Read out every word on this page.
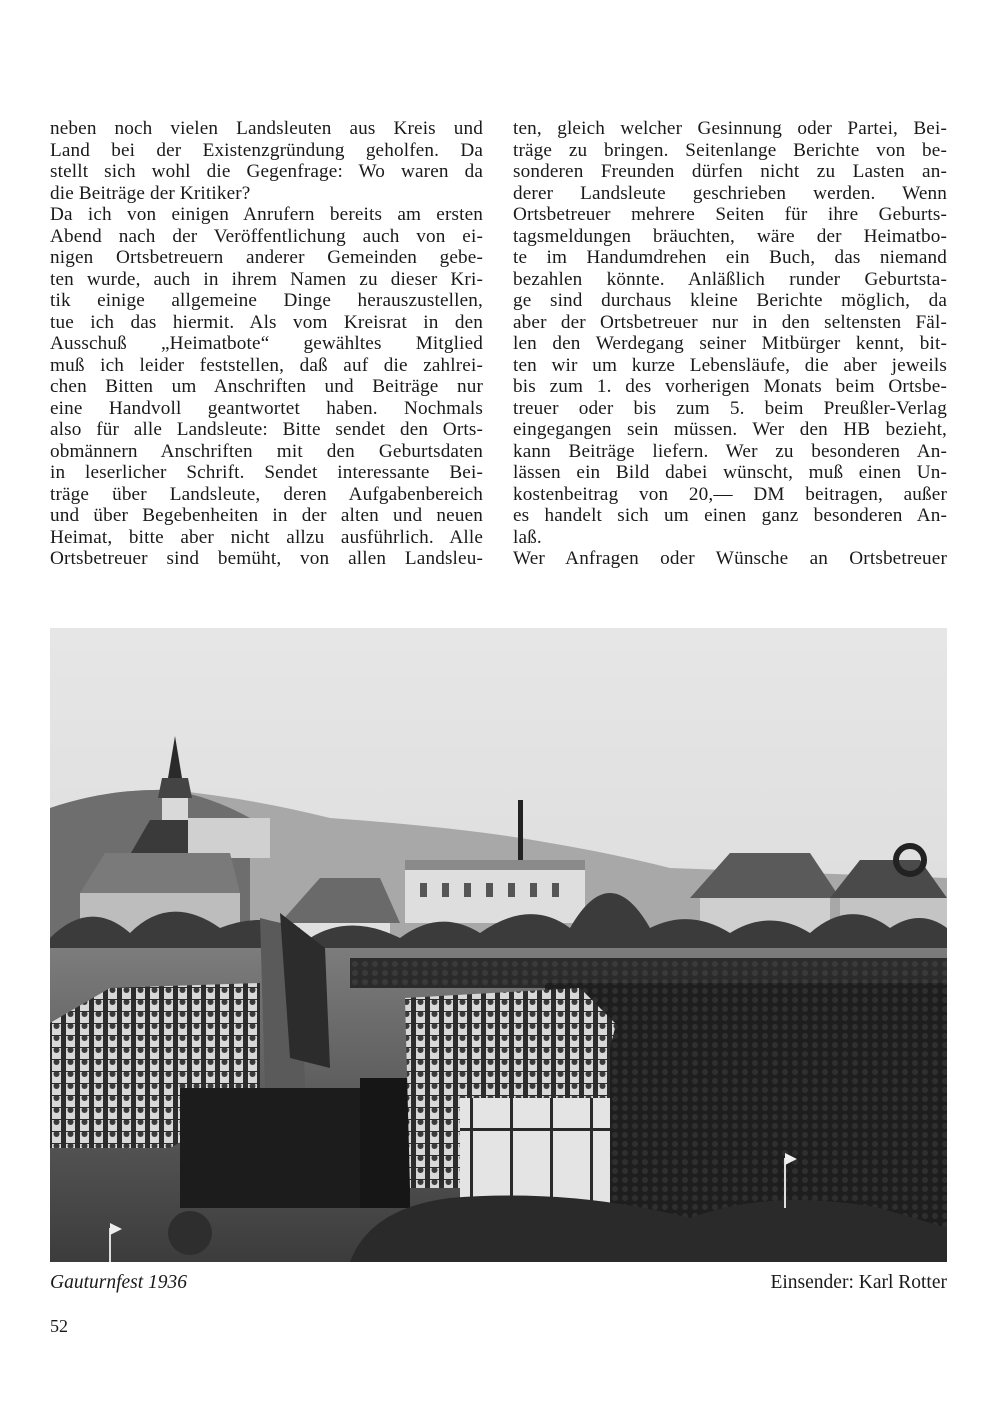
neben noch vielen Landsleuten aus Kreis und
Land bei der Existenzgründung geholfen. Da
stellt sich wohl die Gegenfrage: Wo waren da
die Beiträge der Kritiker?
Da ich von einigen Anrufern bereits am ersten
Abend nach der Veröffentlichung auch von ei-
nigen Ortsbetreuern anderer Gemeinden gebe-
ten wurde, auch in ihrem Namen zu dieser Kri-
tik einige allgemeine Dinge herauszustellen,
tue ich das hiermit. Als vom Kreisrat in den
Ausschuß „Heimatbote“ gewähltes Mitglied
muß ich leider feststellen, daß auf die zahlrei-
chen Bitten um Anschriften und Beiträge nur
eine Handvoll geantwortet haben. Nochmals
also für alle Landsleute: Bitte sendet den Orts-
obmännern Anschriften mit den Geburtsdaten
in leserlicher Schrift. Sendet interessante Bei-
träge über Landsleute, deren Aufgabenbereich
und über Begebenheiten in der alten und neuen
Heimat, bitte aber nicht allzu ausführlich. Alle
Ortsbetreuer sind bemüht, von allen Landsleu-
ten, gleich welcher Gesinnung oder Partei, Bei-
träge zu bringen. Seitenlange Berichte von be-
sonderen Freunden dürfen nicht zu Lasten an-
derer Landsleute geschrieben werden. Wenn
Ortsbetreuer mehrere Seiten für ihre Geburts-
tagsmeldungen bräuchten, wäre der Heimatbo-
te im Handumdrehen ein Buch, das niemand
bezahlen könnte. Anläßlich runder Geburtsta-
ge sind durchaus kleine Berichte möglich, da
aber der Ortsbetreuer nur in den seltensten Fäl-
len den Werdegang seiner Mitbürger kennt, bit-
ten wir um kurze Lebensläufe, die aber jeweils
bis zum 1. des vorherigen Monats beim Ortsbe-
treuer oder bis zum 5. beim Preußler-Verlag
eingegangen sein müssen. Wer den HB bezieht,
kann Beiträge liefern. Wer zu besonderen An-
lässen ein Bild dabei wünscht, muß einen Un-
kostenbeitrag von 20,— DM beitragen, außer
es handelt sich um einen ganz besonderen An-
laß.
Wer Anfragen oder Wünsche an Ortsbetreuer
Gauturnfest 1936	Einsender: Karl Rotter
52
